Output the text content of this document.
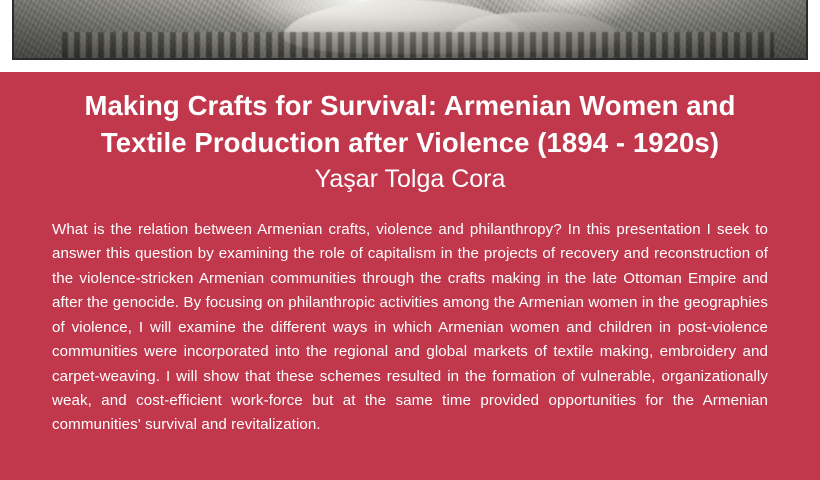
Making Crafts for Survival: Armenian Women and
Textile Production after Violence (1894 - 1920s)
Yaşar Tolga Cora

What is the relation between Armenian crafts, violence and philanthropy? In this presentation I seek to answer this question by examining the role of capitalism in the projects of recovery and reconstruction of the violence-stricken Armenian communities through the crafts making in the late Ottoman Empire and after the genocide. By focusing on philanthropic activities among the Armenian women in the geographies of violence, I will examine the different ways in which Armenian women and children in post-violence communities were incorporated into the regional and global markets of textile making, embroidery and carpet-weaving. I will show that these schemes resulted in the formation of vulnerable, organizationally weak, and cost-efficient work-force but at the same time provided opportunities for the Armenian communities' survival and revitalization.
